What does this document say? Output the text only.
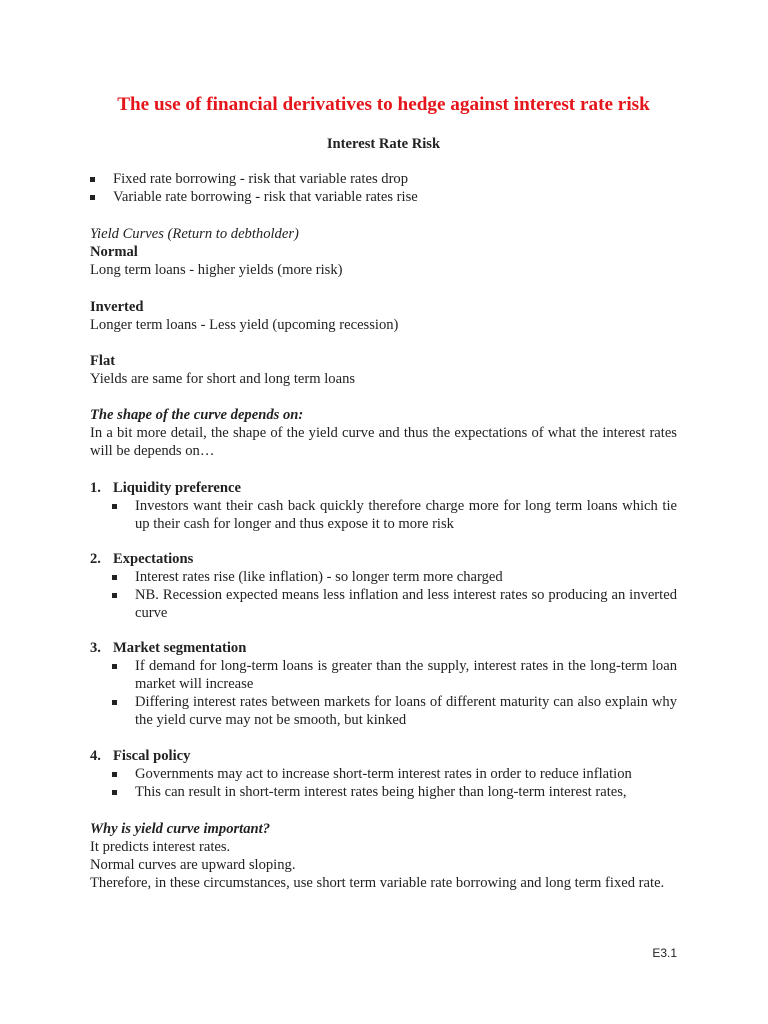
The use of financial derivatives to hedge against interest rate risk
Interest Rate Risk
Fixed rate borrowing - risk that variable rates drop
Variable rate borrowing - risk that variable rates rise
Yield Curves (Return to debtholder)
Normal
Long term loans - higher yields (more risk)
Inverted
Longer term loans - Less yield (upcoming recession)
Flat
Yields are same for short and long term loans
The shape of the curve depends on:
In a bit more detail, the shape of the yield curve and thus the expectations of what the interest rates will be depends on…
1. Liquidity preference
Investors want their cash back quickly therefore charge more for long term loans which tie up their cash for longer and thus expose it to more risk
2. Expectations
Interest rates rise (like inflation) - so longer term more charged
NB. Recession expected means less inflation and less interest rates so producing an inverted curve
3. Market segmentation
If demand for long-term loans is greater than the supply, interest rates in the long-term loan market will increase
Differing interest rates between markets for loans of different maturity can also explain why the yield curve may not be smooth, but kinked
4. Fiscal policy
Governments may act to increase short-term interest rates in order to reduce inflation
This can result in short-term interest rates being higher than long-term interest rates,
Why is yield curve important?
It predicts interest rates.
Normal curves are upward sloping.
Therefore, in these circumstances, use short term variable rate borrowing and long term fixed rate.
E3.1
